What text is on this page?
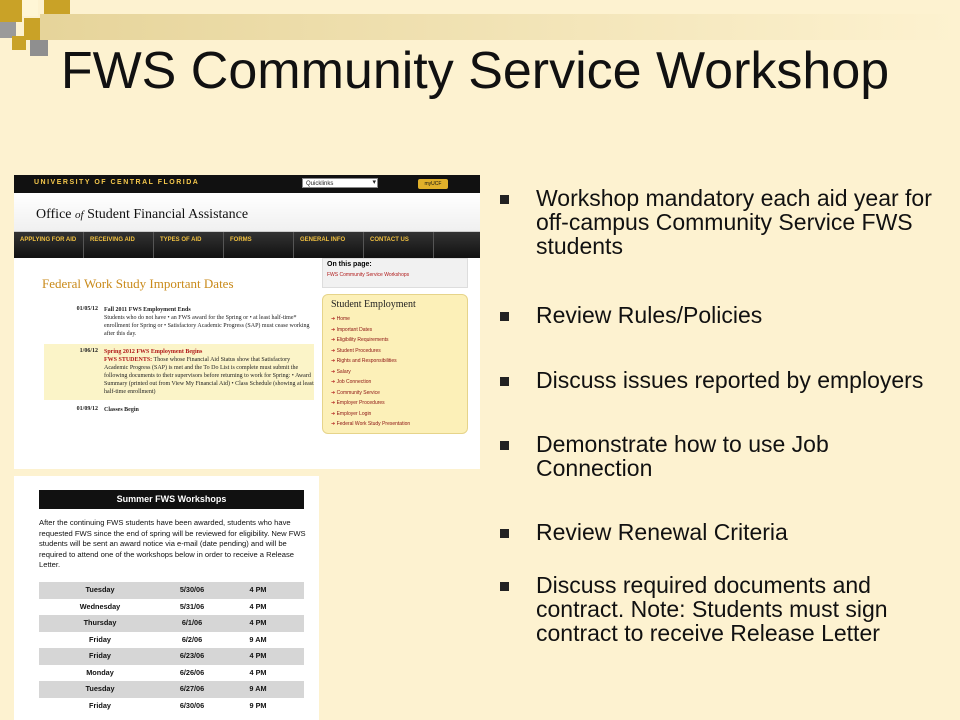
FWS Community Service Workshop
UNIVERSITY OF CENTRAL FLORIDA	Quicklinks ▾	myUCF
Office of Student Financial Assistance
APPLYING FOR AID	RECEIVING AID	TYPES OF AID	FORMS	GENERAL INFO	CONTACT US
Federal Work Study Important Dates
01/05/12	Fall 2011 FWS Employment Ends
Students who do not have • an FWS award for the Spring or • at least half-time* enrollment for Spring or • Satisfactory Academic Progress (SAP) must cease working after this day.
1/06/12	Spring 2012 FWS Employment Begins
FWS STUDENTS: Those whose Financial Aid Status show that Satisfactory Academic Progress (SAP) is met and the To Do List is complete must submit the following documents to their supervisors before returning to work for Spring: • Award Summary (printed out from View My Financial Aid) • Class Schedule (showing at least half-time enrollment)
01/09/12	Classes Begin
On this page:
FWS Community Service Workshops
Student Employment
➜ Home
➜ Important Dates
➜ Eligibility Requirements
➜ Student Procedures
➜ Rights and Responsibilities
➜ Salary
➜ Job Connection
➜ Community Service
➜ Employer Procedures
➜ Employer Login
➜ Federal Work Study Presentation
Summer FWS Workshops
After the continuing FWS students have been awarded, students who have requested FWS since the end of spring will be reviewed for eligibility. New FWS students will be sent an award notice via e-mail (date pending) and will be required to attend one of the workshops below in order to receive a Release Letter.
Tuesday	5/30/06	4 PM
Wednesday	5/31/06	4 PM
Thursday	6/1/06	4 PM
Friday	6/2/06	9 AM
Friday	6/23/06	4 PM
Monday	6/26/06	4 PM
Tuesday	6/27/06	9 AM
Friday	6/30/06	9 PM
Workshop mandatory each aid year for off-campus Community Service FWS students
Review Rules/Policies
Discuss issues reported by employers
Demonstrate how to use Job Connection
Review Renewal Criteria
Discuss required documents and contract. Note: Students must sign contract to receive Release Letter
